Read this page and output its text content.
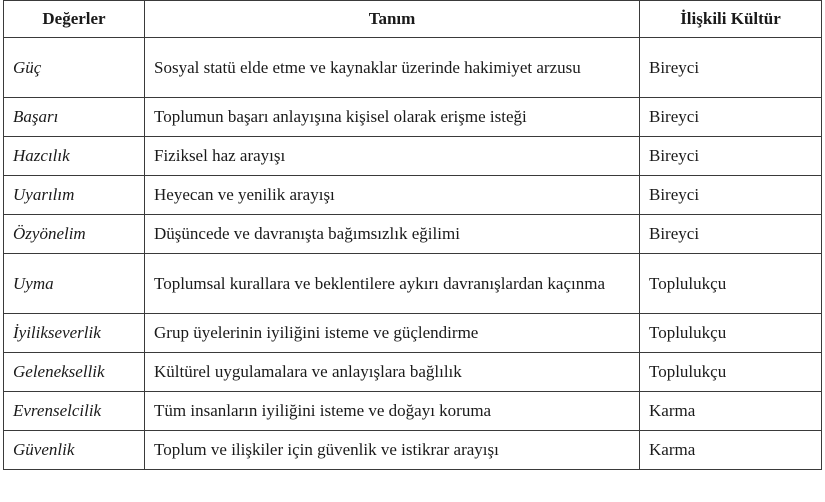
Değerler	Tanım	İlişkili Kültür
Güç	Sosyal statü elde etme ve kaynaklar üzerinde hakimiyet arzusu	Bireyci
Başarı	Toplumun başarı anlayışına kişisel olarak erişme isteği	Bireyci
Hazcılık	Fiziksel haz arayışı	Bireyci
Uyarılım	Heyecan ve yenilik arayışı	Bireyci
Özyönelim	Düşüncede ve davranışta bağımsızlık eğilimi	Bireyci
Uyma	Toplumsal kurallara ve beklentilere aykırı davranışlardan kaçınma	Toplulukçu
İyilikseverlik	Grup üyelerinin iyiliğini isteme ve güçlendirme	Toplulukçu
Geleneksellik	Kültürel uygulamalara ve anlayışlara bağlılık	Toplulukçu
Evrenselcilik	Tüm insanların iyiliğini isteme ve doğayı koruma	Karma
Güvenlik	Toplum ve ilişkiler için güvenlik ve istikrar arayışı	Karma
